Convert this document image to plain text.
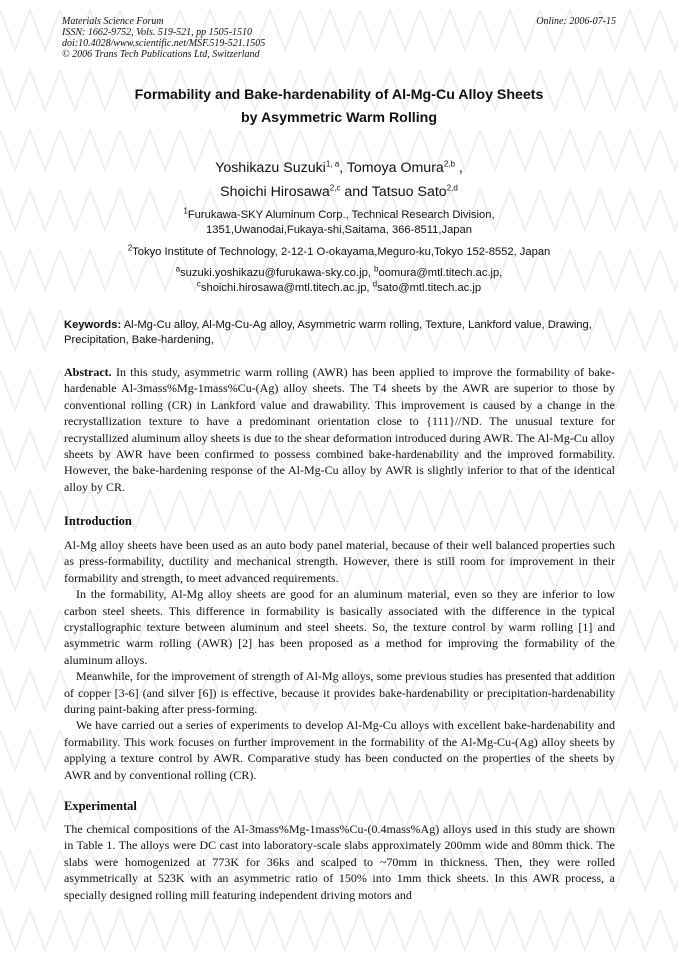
Materials Science Forum
ISSN: 1662-9752, Vols. 519-521, pp 1505-1510
doi:10.4028/www.scientific.net/MSF.519-521.1505
© 2006 Trans Tech Publications Ltd, Switzerland
Online: 2006-07-15
Formability and Bake-hardenability of Al-Mg-Cu Alloy Sheets
by Asymmetric Warm Rolling
Yoshikazu Suzuki$^{1, a}$, Tomoya Omura$^{2,b}$ ,
Shoichi Hirosawa$^{2,c}$ and Tatsuo Sato$^{2,d}$
$^1$Furukawa-SKY Aluminum Corp., Technical Research Division,
1351,Uwanodai,Fukaya-shi,Saitama, 366-8511,Japan
$^2$Tokyo Institute of Technology, 2-12-1 O-okayama,Meguro-ku,Tokyo 152-8552, Japan
$^a$suzuki.yoshikazu@furukawa-sky.co.jp, $^b$oomura@mtl.titech.ac.jp,
$^c$shoichi.hirosawa@mtl.titech.ac.jp, $^d$sato@mtl.titech.ac.jp
Keywords: Al-Mg-Cu alloy, Al-Mg-Cu-Ag alloy, Asymmetric warm rolling, Texture, Lankford value, Drawing, Precipitation, Bake-hardening,

Abstract. In this study, asymmetric warm rolling (AWR) has been applied to improve the formability of bake-hardenable Al-3mass%Mg-1mass%Cu-(Ag) alloy sheets. The T4 sheets by the AWR are superior to those by conventional rolling (CR) in Lankford value and drawability. This improvement is caused by a change in the recrystallization texture to have a predominant orientation close to {111}//ND. The unusual texture for recrystallized aluminum alloy sheets is due to the shear deformation introduced during AWR. The Al-Mg-Cu alloy sheets by AWR have been confirmed to possess combined bake-hardenability and the improved formability. However, the bake-hardening response of the Al-Mg-Cu alloy by AWR is slightly inferior to that of the identical alloy by CR.

Introduction

Al-Mg alloy sheets have been used as an auto body panel material, because of their well balanced properties such as press-formability, ductility and mechanical strength. However, there is still room for improvement in their formability and strength, to meet advanced requirements.

In the formability, Al-Mg alloy sheets are good for an aluminum material, even so they are inferior to low carbon steel sheets. This difference in formability is basically associated with the difference in the typical crystallographic texture between aluminum and steel sheets. So, the texture control by warm rolling [1] and asymmetric warm rolling (AWR) [2] has been proposed as a method for improving the formability of the aluminum alloys.

Meanwhile, for the improvement of strength of Al-Mg alloys, some previous studies has presented that addition of copper [3-6] (and silver [6]) is effective, because it provides bake-hardenability or precipitation-hardenability during paint-baking after press-forming.

We have carried out a series of experiments to develop Al-Mg-Cu alloys with excellent bake-hardenability and formability. This work focuses on further improvement in the formability of the Al-Mg-Cu-(Ag) alloy sheets by applying a texture control by AWR. Comparative study has been conducted on the properties of the sheets by AWR and by conventional rolling (CR).

Experimental

The chemical compositions of the Al-3mass%Mg-1mass%Cu-(0.4mass%Ag) alloys used in this study are shown in Table 1. The alloys were DC cast into laboratory-scale slabs approximately 200mm wide and 80mm thick. The slabs were homogenized at 773K for 36ks and scalped to ~70mm in thickness. Then, they were rolled asymmetrically at 523K with an asymmetric ratio of 150% into 1mm thick sheets. In this AWR process, a specially designed rolling mill featuring independent driving motors and
